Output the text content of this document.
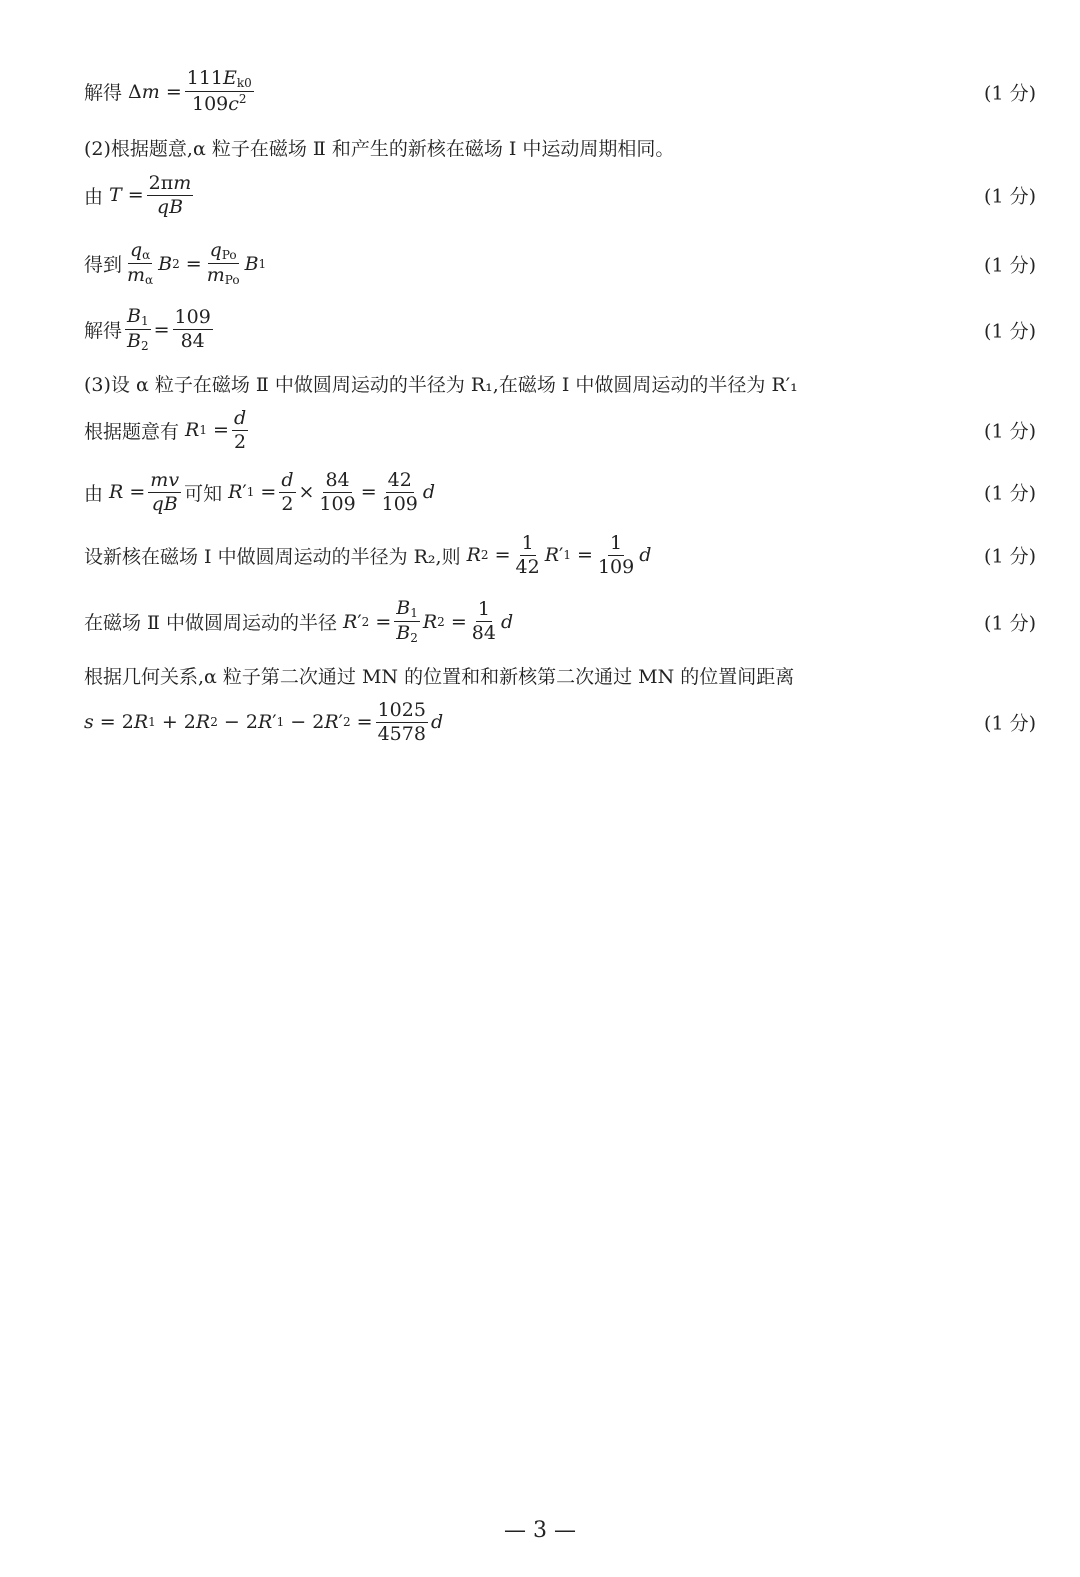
解得 Δ $m = \frac{111E_{k0}}{109c^2}$	(1 分)
(2)根据题意,α 粒子在磁场 Ⅱ 和产生的新核在磁场 Ⅰ 中运动周期相同。
由 $T = \frac{2\pi m}{qB}$	(1 分)
得到 $\frac{q_\alpha}{m_\alpha}$ B $2 = \frac{q_{Po}}{m_{Po}}$ B 1	(1 分)
解得 $\frac{B_1}{B_2} = \frac{109}{84}$	(1 分)
(3)设 α 粒子在磁场 Ⅱ 中做圆周运动的半径为 R₁,在磁场 Ⅰ 中做圆周运动的半径为 R′₁
根据题意有 R $1 = \frac{d}{2}$	(1 分)
由 $R = \frac{mv}{qB}$ 可知 R ′ $1 = \frac{d}{2} \times \frac{84}{109} = \frac{42}{109}$ d	(1 分)
设新核在磁场 Ⅰ 中做圆周运动的半径为 R₂,则 R $2 = \frac{1}{42}$ R ′ $1 = \frac{1}{109}$ d	(1 分)
在磁场 Ⅱ 中做圆周运动的半径 R ′ $2 = \frac{B_1}{B_2}$ R $2 = \frac{1}{84}$ d	(1 分)
根据几何关系,α 粒子第二次通过 MN 的位置和和新核第二次通过 MN 的位置间距离
s = 2 R 1 + 2 R 2 − 2 R ′ 1 − 2 R ′ $2 = \frac{1025}{4578}$ d	(1 分)
— 3 —
